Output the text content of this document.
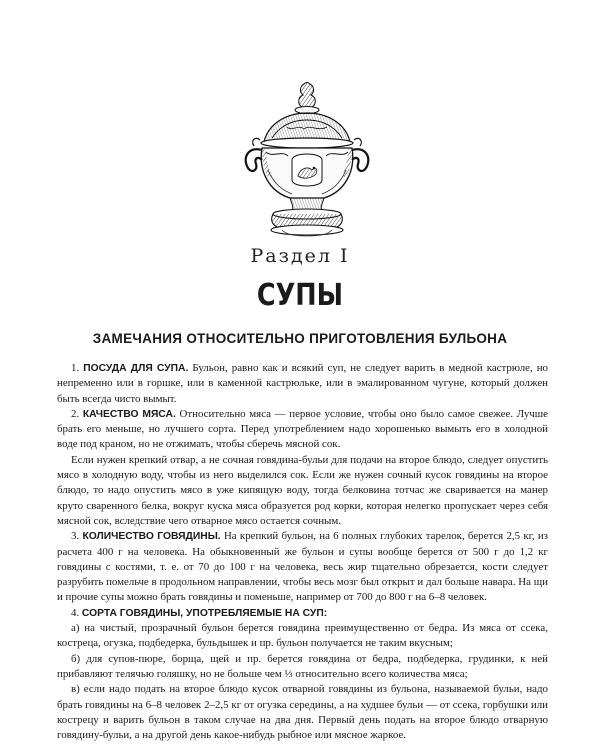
Раздел I
СУПЫ
ЗАМЕЧАНИЯ ОТНОСИТЕЛЬНО ПРИГОТОВЛЕНИЯ БУЛЬОНА

1. ПОСУДА ДЛЯ СУПА. Бульон, равно как и всякий суп, не следует варить в медной кастрюле, но непременно или в горшке, или в каменной кастрюльке, или в эмалированном чугуне, который должен быть всегда чисто вымыт.

2. КАЧЕСТВО МЯСА. Относительно мяса — первое условие, чтобы оно было самое свежее. Лучше брать его меньше, но лучшего сорта. Перед употреблением надо хорошенько вымыть его в холодной воде под краном, но не отжимать, чтобы сберечь мясной сок.

Если нужен крепкий отвар, а не сочная говядина-бульи для подачи на второе блюдо, следует опустить мясо в холодную воду, чтобы из него выделился сок. Если же нужен сочный кусок говядины на второе блюдо, то надо опустить мясо в уже кипящую воду, тогда белковина тотчас же сваривается на манер круто сваренного белка, вокруг куска мяса образуется род корки, которая нелегко пропускает через себя мясной сок, вследствие чего отварное мясо остается сочным.

3. КОЛИЧЕСТВО ГОВЯДИНЫ. На крепкий бульон, на 6 полных глубоких тарелок, берется 2,5 кг, из расчета 400 г на человека. На обыкновенный же бульон и супы вообще берется от 500 г до 1,2 кг говядины с костями, т. е. от 70 до 100 г на человека, весь жир тщательно обрезается, кости следует разрубить помельче в продольном направлении, чтобы весь мозг был открыт и дал больше навара. На щи и прочие супы можно брать говядины и поменьше, например от 700 до 800 г на 6–8 человек.

4. СОРТА ГОВЯДИНЫ, УПОТРЕБЛЯЕМЫЕ НА СУП:

а) на чистый, прозрачный бульон берется говядина преимущественно от бедра. Из мяса от ссека, костреца, огузка, подбедерка, бульдышек и пр. бульон получается не таким вкусным;

б) для супов-пюре, борща, щей и пр. берется говядина от бедра, подбедерка, грудинки, к ней прибавляют телячью голяшку, но не больше чем ⅓ относительно всего количества мяса;

в) если надо подать на второе блюдо кусок отварной говядины из бульона, называемой бульи, надо брать говядины на 6–8 человек 2–2,5 кг от огузка середины, а на худшее бульи — от ссека, горбушки или кострецу и варить бульон в таком случае на два дня. Первый день подать на второе блюдо отварную говядину-бульи, а на другой день какое-нибудь рыбное или мясное жаркое.
